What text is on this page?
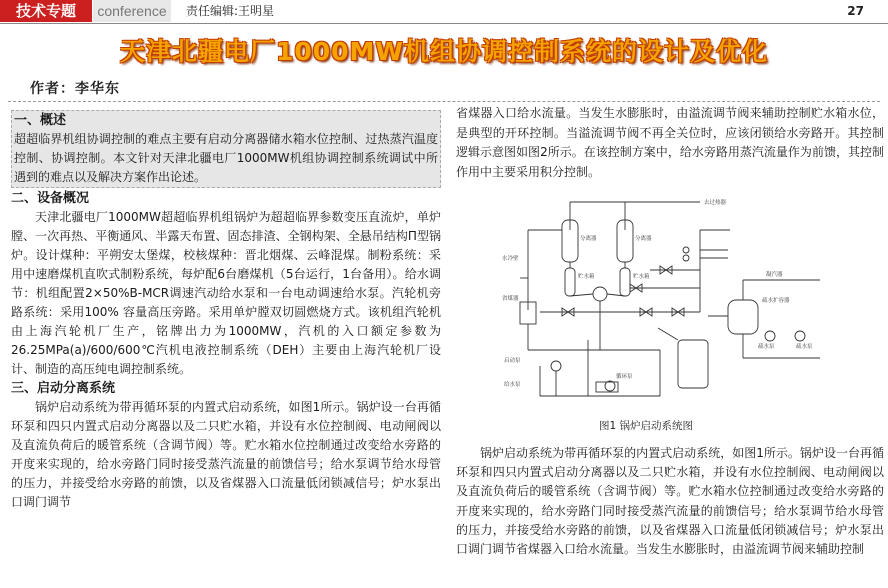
技术专题	conference	责任编辑:王明星	27
天津北疆电厂1000MW机组协调控制系统的设计及优化
作者：李华东

一、概述

超超临界机组协调控制的难点主要有启动分离器储水箱水位控制、过热蒸汽温度控制、协调控制。本文针对天津北疆电厂1000MW机组协调控制系统调试中所遇到的难点以及解决方案作出论述。

二、设备概况

天津北疆电厂1000MW超超临界机组锅炉为超超临界参数变压直流炉，单炉膛、一次再热、平衡通风、半露天布置、固态排渣、全钢构架、全悬吊结构Π型锅炉。设计煤种：平朔安太堡煤，校核煤种：晋北烟煤、云峰混煤。制粉系统：采用中速磨煤机直吹式制粉系统，每炉配6台磨煤机（5台运行，1台备用）。给水调节：机组配置2×50%B-MCR调速汽动给水泵和一台电动调速给水泵。汽轮机旁路系统：采用100% 容量高压旁路。采用单炉膛双切圆燃烧方式。该机组汽轮机由上海汽轮机厂生产，铭牌出力为1000MW，汽机的入口额定参数为26.25MPa(a)/600/600℃汽机电液控制系统（DEH）主要由上海汽轮机厂设计、制造的高压纯电调控制系统。

三、启动分离系统

锅炉启动系统为带再循环泵的内置式启动系统，如图1所示。锅炉设一台再循环泵和四只内置式启动分离器以及二只贮水箱，并设有水位控制阀、电动闸阀以及直流负荷后的暖管系统（含调节阀）等。贮水箱水位控制通过改变给水旁路的开度来实现的，给水旁路门同时接受蒸汽流量的前馈信号；给水泵调节给水母管的压力，并接受给水旁路的前馈，以及省煤器入口流量低闭锁减信号；炉水泵出口调门调节

省煤器入口给水流量。当发生水膨胀时，由溢流调节阀来辅助控制贮水箱水位，是典型的开环控制。当溢流调节阀不再全关位时，应该闭锁给水旁路开。其控制逻辑示意图如图2所示。在该控制方案中，给水旁路用蒸汽流量作为前馈，其控制作用中主要采用积分控制。

去过热器
分离器	分离器
水冷壁
省煤器
贮水箱	贮水箱
疏水扩容器
凝汽器
启动泵
给水泵
疏水泵	疏水泵
循环泵
图1 锅炉启动系统图

锅炉启动系统为带再循环泵的内置式启动系统，如图1所示。锅炉设一台再循环泵和四只内置式启动分离器以及二只贮水箱，并设有水位控制阀、电动闸阀以及直流负荷后的暖管系统（含调节阀）等。贮水箱水位控制通过改变给水旁路的开度来实现的，给水旁路门同时接受蒸汽流量的前馈信号；给水泵调节给水母管的压力，并接受给水旁路的前馈，以及省煤器入口流量低闭锁减信号；炉水泵出口调门调节省煤器入口给水流量。当发生水膨胀时，由溢流调节阀来辅助控制
